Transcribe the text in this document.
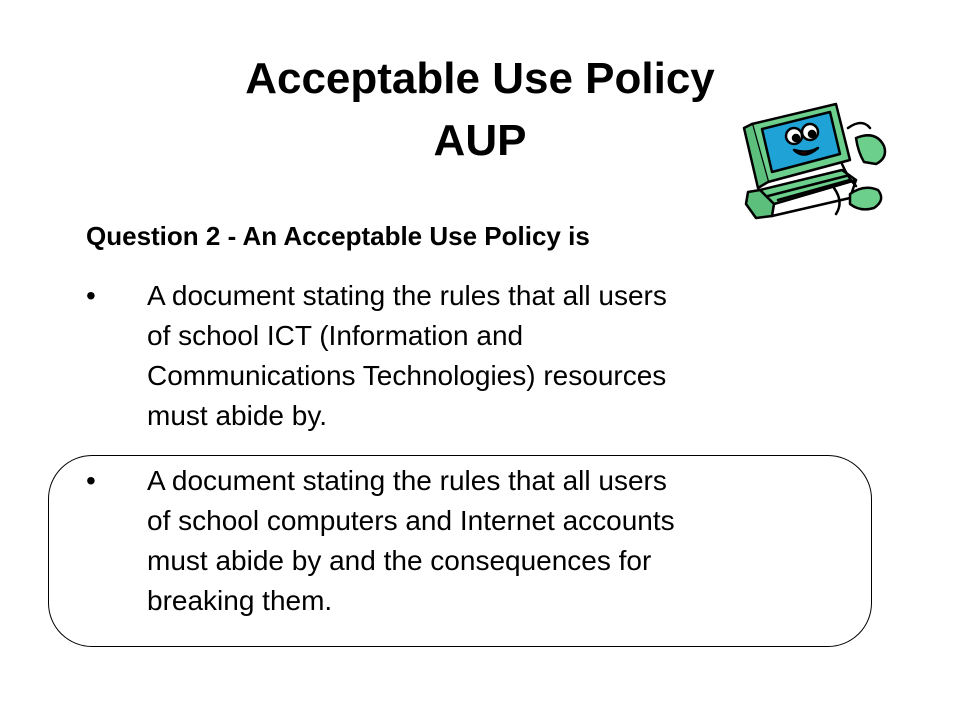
Acceptable Use Policy
AUP

Question 2 - An Acceptable Use Policy is

•	A document stating the rules that all users
of school ICT (Information and
Communications Technologies) resources
must abide by.
•	A document stating the rules that all users
of school computers and Internet accounts
must abide by and the consequences for
breaking them.
